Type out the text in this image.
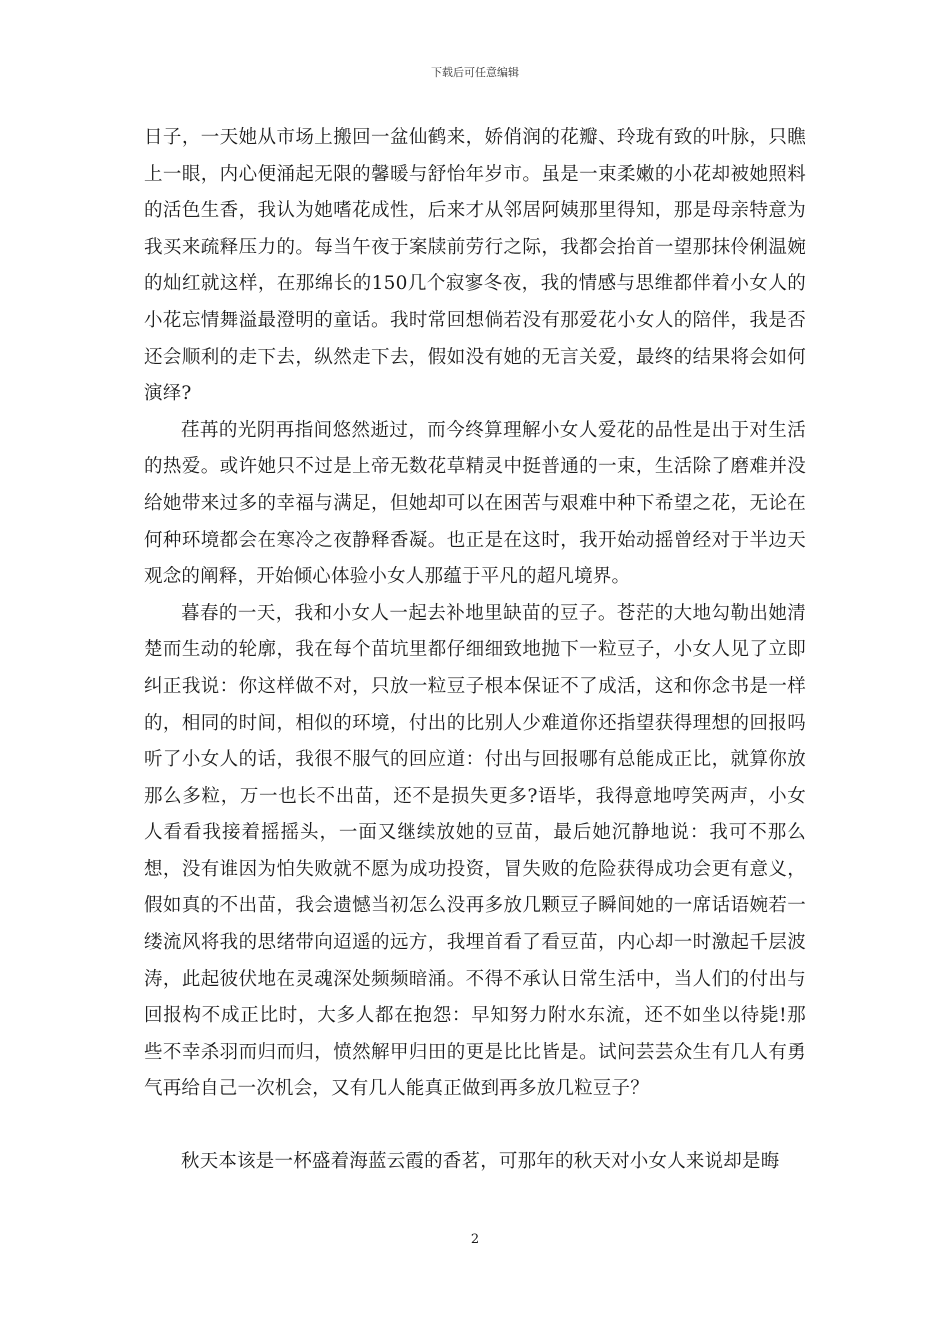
下载后可任意编辑

日子，一天她从市场上搬回一盆仙鹤来，娇俏润的花瓣、玲珑有致的叶脉，只瞧上一眼，内心便涌起无限的馨暖与舒怡年岁市。虽是一束柔嫩的小花却被她照料的活色生香，我认为她嗜花成性，后来才从邻居阿姨那里得知，那是母亲特意为我买来疏释压力的。每当午夜于案牍前劳行之际，我都会抬首一望那抹伶俐温婉的灿红就这样，在那绵长的150几个寂寥冬夜，我的情感与思维都伴着小女人的小花忘情舞溢最澄明的童话。我时常回想倘若没有那爱花小女人的陪伴，我是否还会顺利的走下去，纵然走下去，假如没有她的无言关爱，最终的结果将会如何演绎?

荏苒的光阴再指间悠然逝过，而今终算理解小女人爱花的品性是出于对生活的热爱。或许她只不过是上帝无数花草精灵中挺普通的一束，生活除了磨难并没给她带来过多的幸福与满足，但她却可以在困苦与艰难中种下希望之花，无论在何种环境都会在寒冷之夜静释香凝。也正是在这时，我开始动摇曾经对于半边天观念的阐释，开始倾心体验小女人那蕴于平凡的超凡境界。

暮春的一天，我和小女人一起去补地里缺苗的豆子。苍茫的大地勾勒出她清楚而生动的轮廓，我在每个苗坑里都仔细细致地抛下一粒豆子，小女人见了立即纠正我说：你这样做不对，只放一粒豆子根本保证不了成活，这和你念书是一样的，相同的时间，相似的环境，付出的比别人少难道你还指望获得理想的回报吗听了小女人的话，我很不服气的回应道：付出与回报哪有总能成正比，就算你放那么多粒，万一也长不出苗，还不是损失更多?语毕，我得意地哼笑两声，小女人看看我接着摇摇头，一面又继续放她的豆苗，最后她沉静地说：我可不那么想，没有谁因为怕失败就不愿为成功投资，冒失败的危险获得成功会更有意义，假如真的不出苗，我会遗憾当初怎么没再多放几颗豆子瞬间她的一席话语婉若一缕流风将我的思绪带向迢遥的远方，我埋首看了看豆苗，内心却一时激起千层波涛，此起彼伏地在灵魂深处频频暗涌。不得不承认日常生活中，当人们的付出与回报构不成正比时，大多人都在抱怨：早知努力附水东流，还不如坐以待毙!那些不幸杀羽而归而归，愤然解甲归田的更是比比皆是。试问芸芸众生有几人有勇气再给自己一次机会，又有几人能真正做到再多放几粒豆子？

秋天本该是一杯盛着海蓝云霞的香茗，可那年的秋天对小女人来说却是晦

2
